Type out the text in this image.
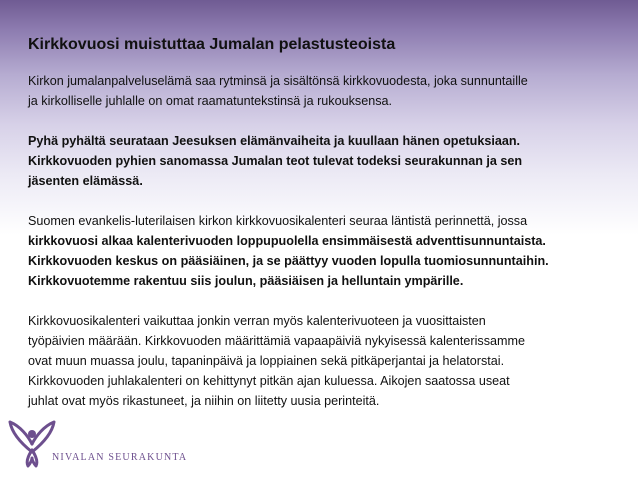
Kirkkovuosi muistuttaa Jumalan pelastusteoista
Kirkon jumalanpalveluselämä saa rytminsä ja sisältönsä kirkkovuodesta, joka sunnuntaille
ja kirkolliselle juhlalle on omat raamatuntekstinsä ja rukouksensa.
Pyhä pyhältä seurataan Jeesuksen elämänvaiheita ja kuullaan hänen opetuksiaan.
Kirkkovuoden pyhien sanomassa Jumalan teot tulevat todeksi seurakunnan ja sen
jäsenten elämässä.
Suomen evankelis-luterilaisen kirkon kirkkovuosikalenteri seuraa läntistä perinnettä, jossa
kirkkovuosi alkaa kalenterivuoden loppupuolella ensimmäisestä adventtisunnuntaista.
Kirkkovuoden keskus on pääsiäinen, ja se päättyy vuoden lopulla tuomiosunnuntaihin.
Kirkkovuotemme rakentuu siis joulun, pääsiäisen ja helluntain ympärille.
Kirkkovuosikalenteri vaikuttaa jonkin verran myös kalenterivuoteen ja vuosittaisten
työpäivien määrään. Kirkkovuoden määrittämiä vapaapäiviä nykyisessä kalenterissamme
ovat muun muassa joulu, tapaninpäivä ja loppiainen sekä pitkäperjantai ja helatorstai.
Kirkkovuoden juhlakalenteri on kehittynyt pitkän ajan kuluessa. Aikojen saatossa useat
juhlat ovat myös rikastuneet, ja niihin on liitetty uusia perinteitä.
NIVALAN SEURAKUNTA
